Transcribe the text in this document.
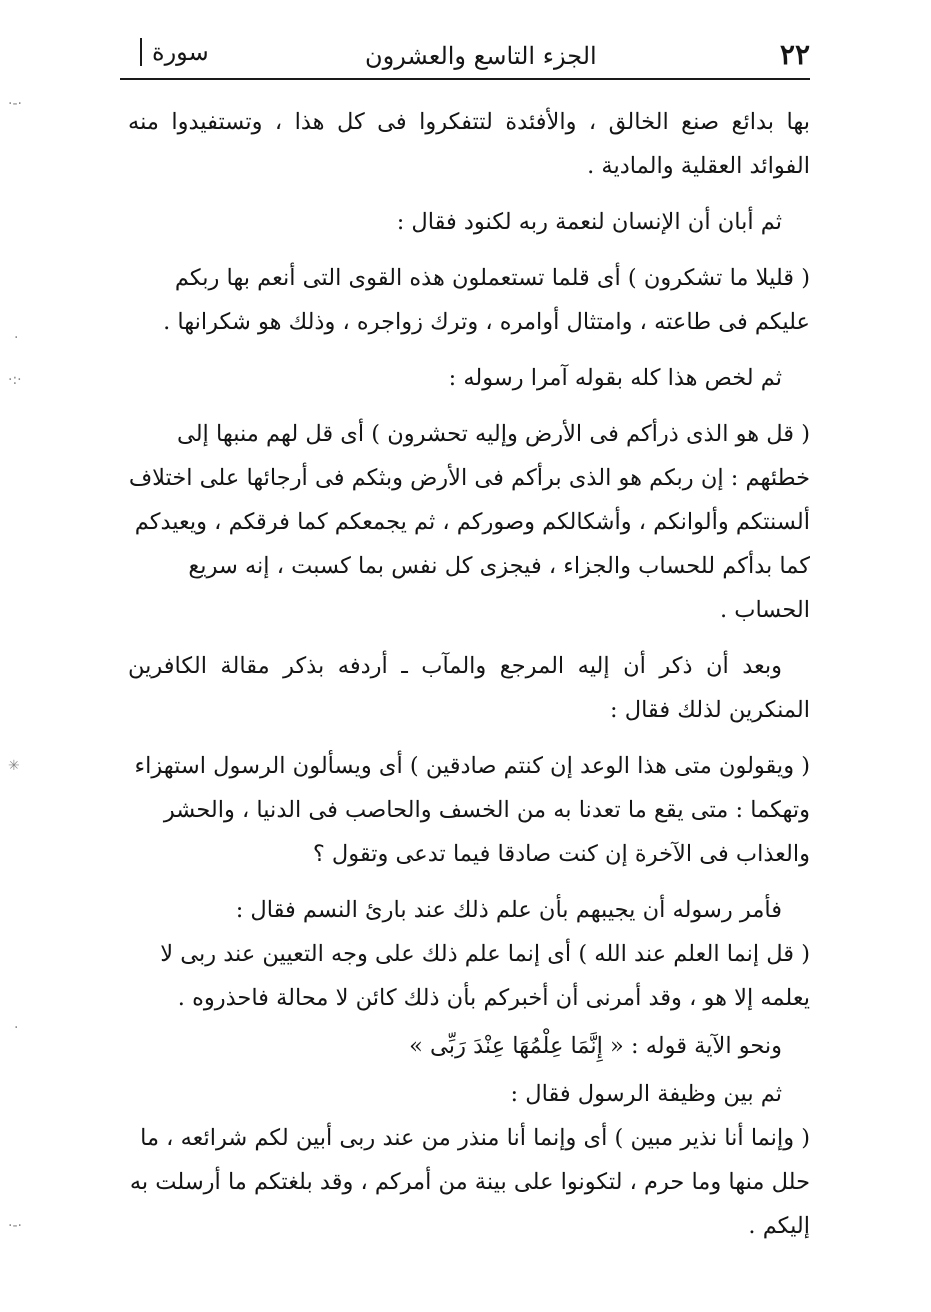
٢٢
الجزء التاسع والعشرون
سورة
·-·
·
·:·
✳
·
·-·

بها بدائع صنع الخالق ، والأفئدة لتتفكروا فى كل هذا ، وتستفيدوا منه الفوائد العقلية والمادية .

ثم أبان أن الإنسان لنعمة ربه لكنود فقال :

( قليلا ما تشكرون ) أى قلما تستعملون هذه القوى التى أنعم بها ربكم عليكم فى طاعته ، وامتثال أوامره ، وترك زواجره ، وذلك هو شكرانها .

ثم لخص هذا كله بقوله آمرا رسوله :

( قل هو الذى ذرأكم فى الأرض وإليه تحشرون ) أى قل لهم منبها إلى خطئهم : إن ربكم هو الذى برأكم فى الأرض وبثكم فى أرجائها على اختلاف ألسنتكم وألوانكم ، وأشكالكم وصوركم ، ثم يجمعكم كما فرقكم ، ويعيدكم كما بدأكم للحساب والجزاء ، فيجزى كل نفس بما كسبت ، إنه سريع الحساب .

وبعد أن ذكر أن إليه المرجع والمآب ـ أردفه بذكر مقالة الكافرين المنكرين لذلك فقال :

( ويقولون متى هذا الوعد إن كنتم صادقين ) أى ويسألون الرسول استهزاء وتهكما : متى يقع ما تعدنا به من الخسف والحاصب فى الدنيا ، والحشر والعذاب فى الآخرة إن كنت صادقا فيما تدعى وتقول ؟

فأمر رسوله أن يجيبهم بأن علم ذلك عند بارئ النسم فقال :

( قل إنما العلم عند الله ) أى إنما علم ذلك على وجه التعيين عند ربى لا يعلمه إلا هو ، وقد أمرنى أن أخبركم بأن ذلك كائن لا محالة فاحذروه .

ونحو الآية قوله : « إِنَّمَا عِلْمُهَا عِنْدَ رَبِّى »

ثم بين وظيفة الرسول فقال :

( وإنما أنا نذير مبين ) أى وإنما أنا منذر من عند ربى أبين لكم شرائعه ، ما حلل منها وما حرم ، لتكونوا على بينة من أمركم ، وقد بلغتكم ما أرسلت به إليكم .
